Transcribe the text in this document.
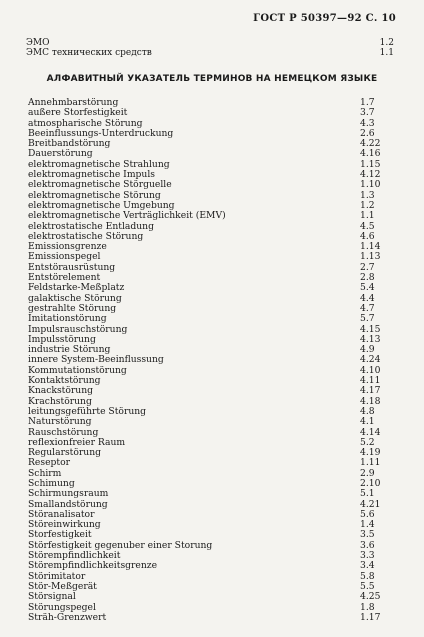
ГОСТ Р 50397—92 С. 10
ЭМО	1.2
ЭМС технических средств	1.1
АЛФАВИТНЫЙ УКАЗАТЕЛЬ ТЕРМИНОВ НА НЕМЕЦКОМ ЯЗЫКЕ
Annehmbarstörung	1.7
außere Storfestigkeit	3.7
atmospharische Störung	4.3
Beeinflussungs-Unterdruckung	2.6
Breitbandstörung	4.22
Dauerstörung	4.16
elektromagnetische Strahlung	1.15
elektromagnetische Impuls	4.12
elektromagnetische Störguelle	1.10
elektromagnetische Störung	1.3
elektromagnetische Umgebung	1.2
elektromagnetische Verträglichkeit (EMV)	1.1
elektrostatische Entladung	4.5
elektrostatische Störung	4.6
Emissionsgrenze	1.14
Emissionspegel	1.13
Entstörausrüstung	2.7
Entstörelement	2.8
Feldstarke-Meßplatz	5.4
galaktische Störung	4.4
gestrahlte Störung	4.7
Imitationstörung	5.7
Impulsrauschstörung	4.15
Impulsstörung	4.13
industrie Störung	4.9
innere System-Beeinflussung	4.24
Kommutationstörung	4.10
Kontaktstörung	4.11
Knackstörung	4.17
Krachstörung	4.18
leitungsgeführte Störung	4.8
Naturstörung	4.1
Rauschstörung	4.14
reflexionfreier Raum	5.2
Regularstörung	4.19
Reseptor	1.11
Schirm	2.9
Schimung	2.10
Schirmungsraum	5.1
Smallandstörung	4.21
Störanalisator	5.6
Störeinwirkung	1.4
Storfestigkeit	3.5
Störfestigkeit gegenuber einer Storung	3.6
Störempfindlichkeit	3.3
Störempfindlichkeitsgrenze	3.4
Störimitator	5.8
Stör-Meßgerät	5.5
Störsignal	4.25
Störungspegel	1.8
Sträh-Grenzwert	1.17
